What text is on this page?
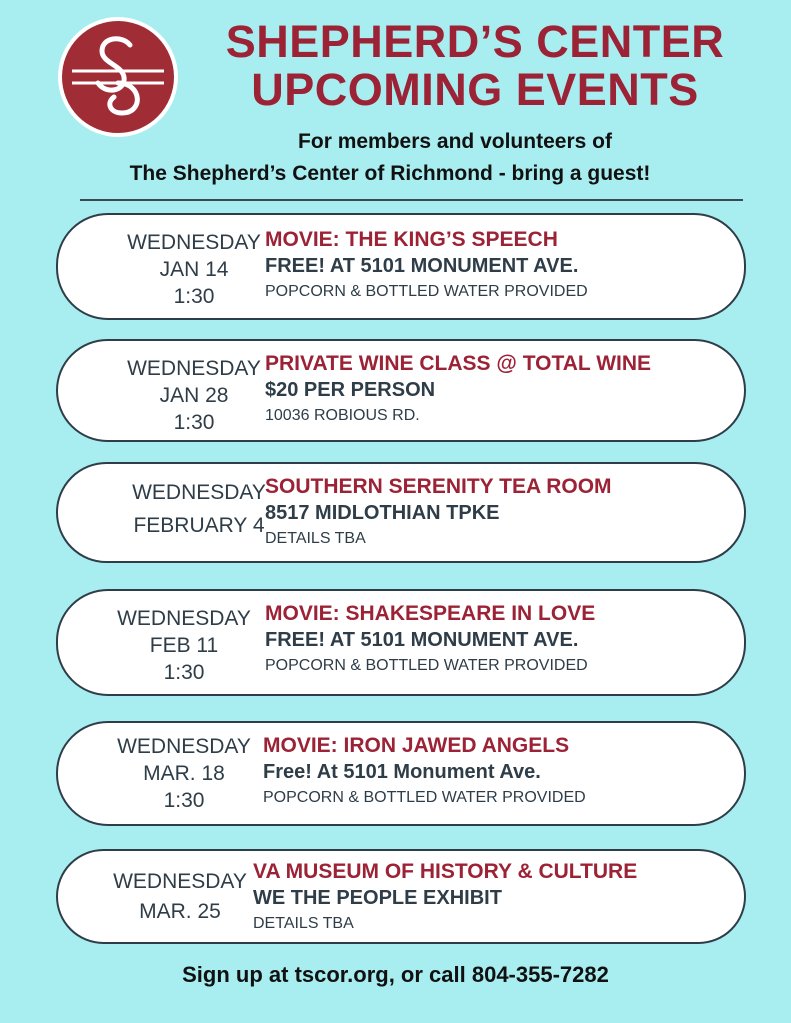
SHEPHERD’S CENTER
UPCOMING EVENTS
For members and volunteers of
The Shepherd’s Center of Richmond - bring a guest!
WEDNESDAY
JAN 14
1:30
MOVIE: THE KING’S SPEECH
FREE! AT 5101 MONUMENT AVE.
POPCORN & BOTTLED WATER PROVIDED
WEDNESDAY
JAN 28
1:30
PRIVATE WINE CLASS @ TOTAL WINE
$20 PER PERSON
10036 ROBIOUS RD.
WEDNESDAY
FEBRUARY 4
SOUTHERN SERENITY TEA ROOM
8517 MIDLOTHIAN TPKE
DETAILS TBA
WEDNESDAY
FEB 11
1:30
MOVIE: SHAKESPEARE IN LOVE
FREE! AT 5101 MONUMENT AVE.
POPCORN & BOTTLED WATER PROVIDED
WEDNESDAY
MAR. 18
1:30
MOVIE: IRON JAWED ANGELS
Free! At 5101 Monument Ave.
POPCORN & BOTTLED WATER PROVIDED
WEDNESDAY
MAR. 25
VA MUSEUM OF HISTORY & CULTURE
WE THE PEOPLE EXHIBIT
DETAILS TBA
Sign up at tscor.org, or call 804-355-7282
